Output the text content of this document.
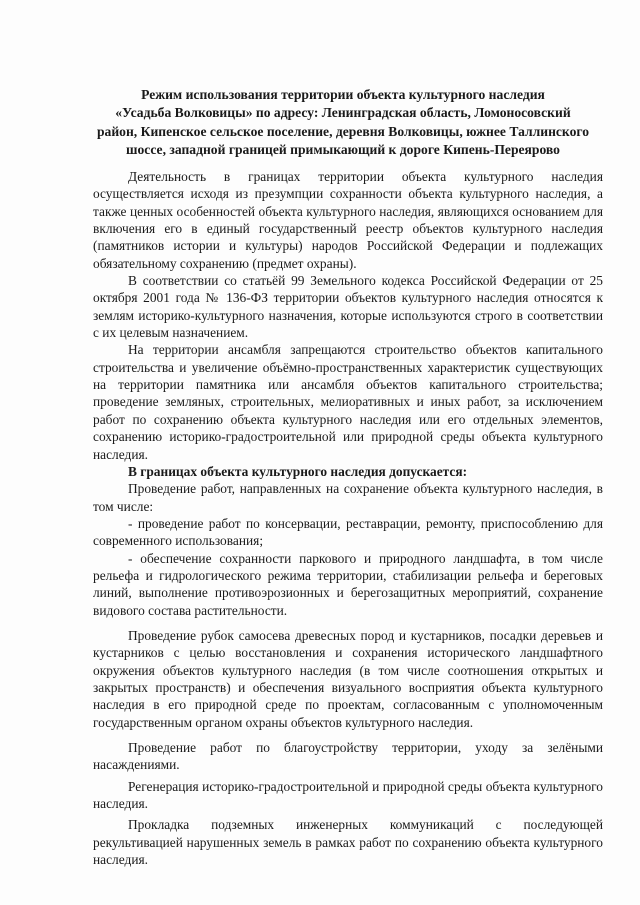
Режим использования территории объекта культурного наследия
«Усадьба Волковицы» по адресу: Ленинградская область, Ломоносовский
район, Кипенское сельское поселение, деревня Волковицы, южнее Таллинского
шоссе, западной границей примыкающий к дороге Кипень-Переярово

Деятельность в границах территории объекта культурного наследия осуществляется исходя из презумпции сохранности объекта культурного наследия, а также ценных особенностей объекта культурного наследия, являющихся основанием для включения его в единый государственный реестр объектов культурного наследия (памятников истории и культуры) народов Российской Федерации и подлежащих обязательному сохранению (предмет охраны).

В соответствии со статьёй 99 Земельного кодекса Российской Федерации от 25 октября 2001 года № 136-ФЗ территории объектов культурного наследия относятся к землям историко-культурного назначения, которые используются строго в соответствии с их целевым назначением.

На территории ансамбля запрещаются строительство объектов капитального строительства и увеличение объёмно-пространственных характеристик существующих на территории памятника или ансамбля объектов капитального строительства; проведение земляных, строительных, мелиоративных и иных работ, за исключением работ по сохранению объекта культурного наследия или его отдельных элементов, сохранению историко-градостроительной или природной среды объекта культурного наследия.

В границах объекта культурного наследия допускается:

Проведение работ, направленных на сохранение объекта культурного наследия, в том числе:

- проведение работ по консервации, реставрации, ремонту, приспособлению для современного использования;

- обеспечение сохранности паркового и природного ландшафта, в том числе рельефа и гидрологического режима территории, стабилизации рельефа и береговых линий, выполнение противоэрозионных и берегозащитных мероприятий, сохранение видового состава растительности.

Проведение рубок самосева древесных пород и кустарников, посадки деревьев и кустарников с целью восстановления и сохранения исторического ландшафтного окружения объектов культурного наследия (в том числе соотношения открытых и закрытых пространств) и обеспечения визуального восприятия объекта культурного наследия в его природной среде по проектам, согласованным с уполномоченным государственным органом охраны объектов культурного наследия.

Проведение работ по благоустройству территории, уходу за зелёными насаждениями.

Регенерация историко-градостроительной и природной среды объекта культурного наследия.

Прокладка подземных инженерных коммуникаций с последующей рекультивацией нарушенных земель в рамках работ по сохранению объекта культурного наследия.
